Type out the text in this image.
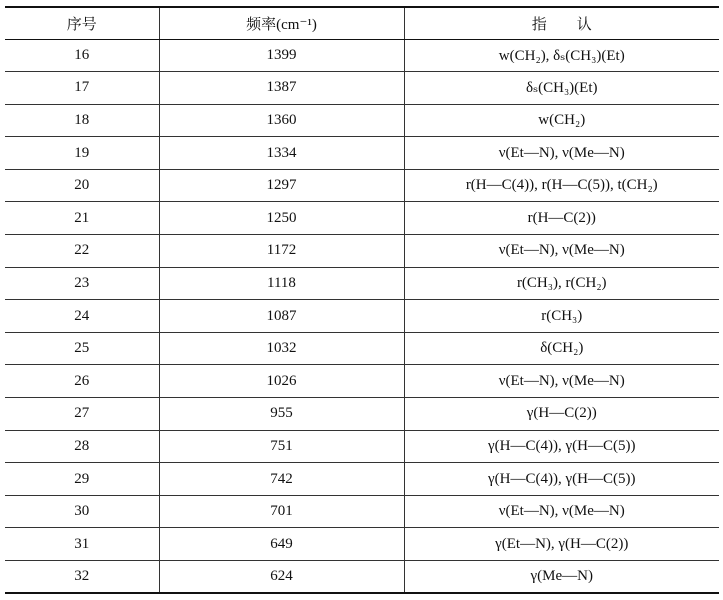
序号	频率(cm⁻¹)	指　　认
16	1399	w(CH₂), δₛ(CH₃)(Et)
17	1387	δₛ(CH₃)(Et)
18	1360	w(CH₂)
19	1334	ν(Et—N), ν(Me—N)
20	1297	r(H—C(4)), r(H—C(5)), t(CH₂)
21	1250	r(H—C(2))
22	1172	ν(Et—N), ν(Me—N)
23	1118	r(CH₃), r(CH₂)
24	1087	r(CH₃)
25	1032	δ(CH₂)
26	1026	ν(Et—N), ν(Me—N)
27	955	γ(H—C(2))
28	751	γ(H—C(4)), γ(H—C(5))
29	742	γ(H—C(4)), γ(H—C(5))
30	701	ν(Et—N), ν(Me—N)
31	649	γ(Et—N), γ(H—C(2))
32	624	γ(Me—N)
